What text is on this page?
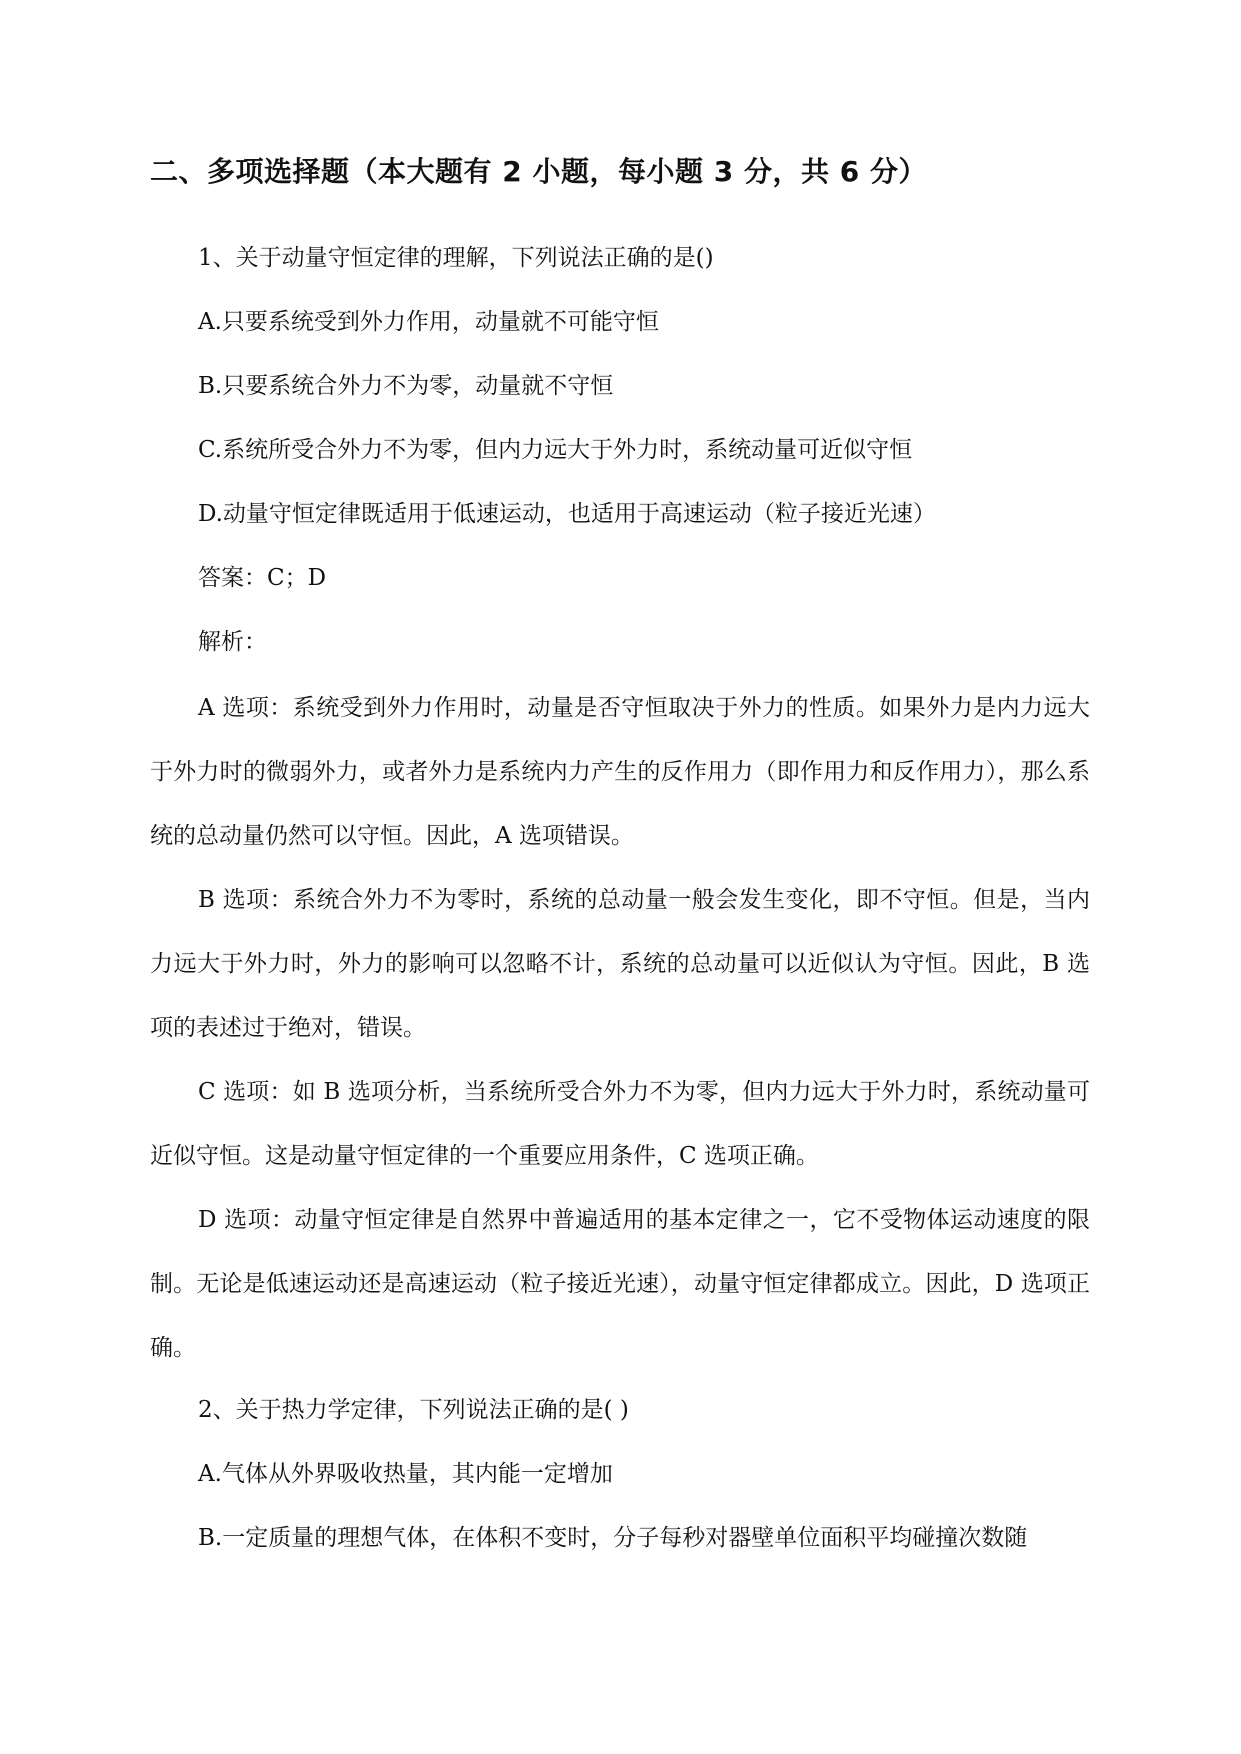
二、多项选择题（本大题有 2 小题，每小题 3 分，共 6 分）

1、关于动量守恒定律的理解，下列说法正确的是()

A.只要系统受到外力作用，动量就不可能守恒

B.只要系统合外力不为零，动量就不守恒

C.系统所受合外力不为零，但内力远大于外力时，系统动量可近似守恒

D.动量守恒定律既适用于低速运动，也适用于高速运动（粒子接近光速）

答案：C；D

解析：

A 选项：系统受到外力作用时，动量是否守恒取决于外力的性质。如果外力是内力远大于外力时的微弱外力，或者外力是系统内力产生的反作用力（即作用力和反作用力），那么系统的总动量仍然可以守恒。因此，A 选项错误。

B 选项：系统合外力不为零时，系统的总动量一般会发生变化，即不守恒。但是，当内力远大于外力时，外力的影响可以忽略不计，系统的总动量可以近似认为守恒。因此，B 选项的表述过于绝对，错误。

C 选项：如 B 选项分析，当系统所受合外力不为零，但内力远大于外力时，系统动量可近似守恒。这是动量守恒定律的一个重要应用条件，C 选项正确。

D 选项：动量守恒定律是自然界中普遍适用的基本定律之一，它不受物体运动速度的限制。无论是低速运动还是高速运动（粒子接近光速），动量守恒定律都成立。因此，D 选项正确。

2、关于热力学定律，下列说法正确的是( )

A.气体从外界吸收热量，其内能一定增加

B.一定质量的理想气体，在体积不变时，分子每秒对器壁单位面积平均碰撞次数随
